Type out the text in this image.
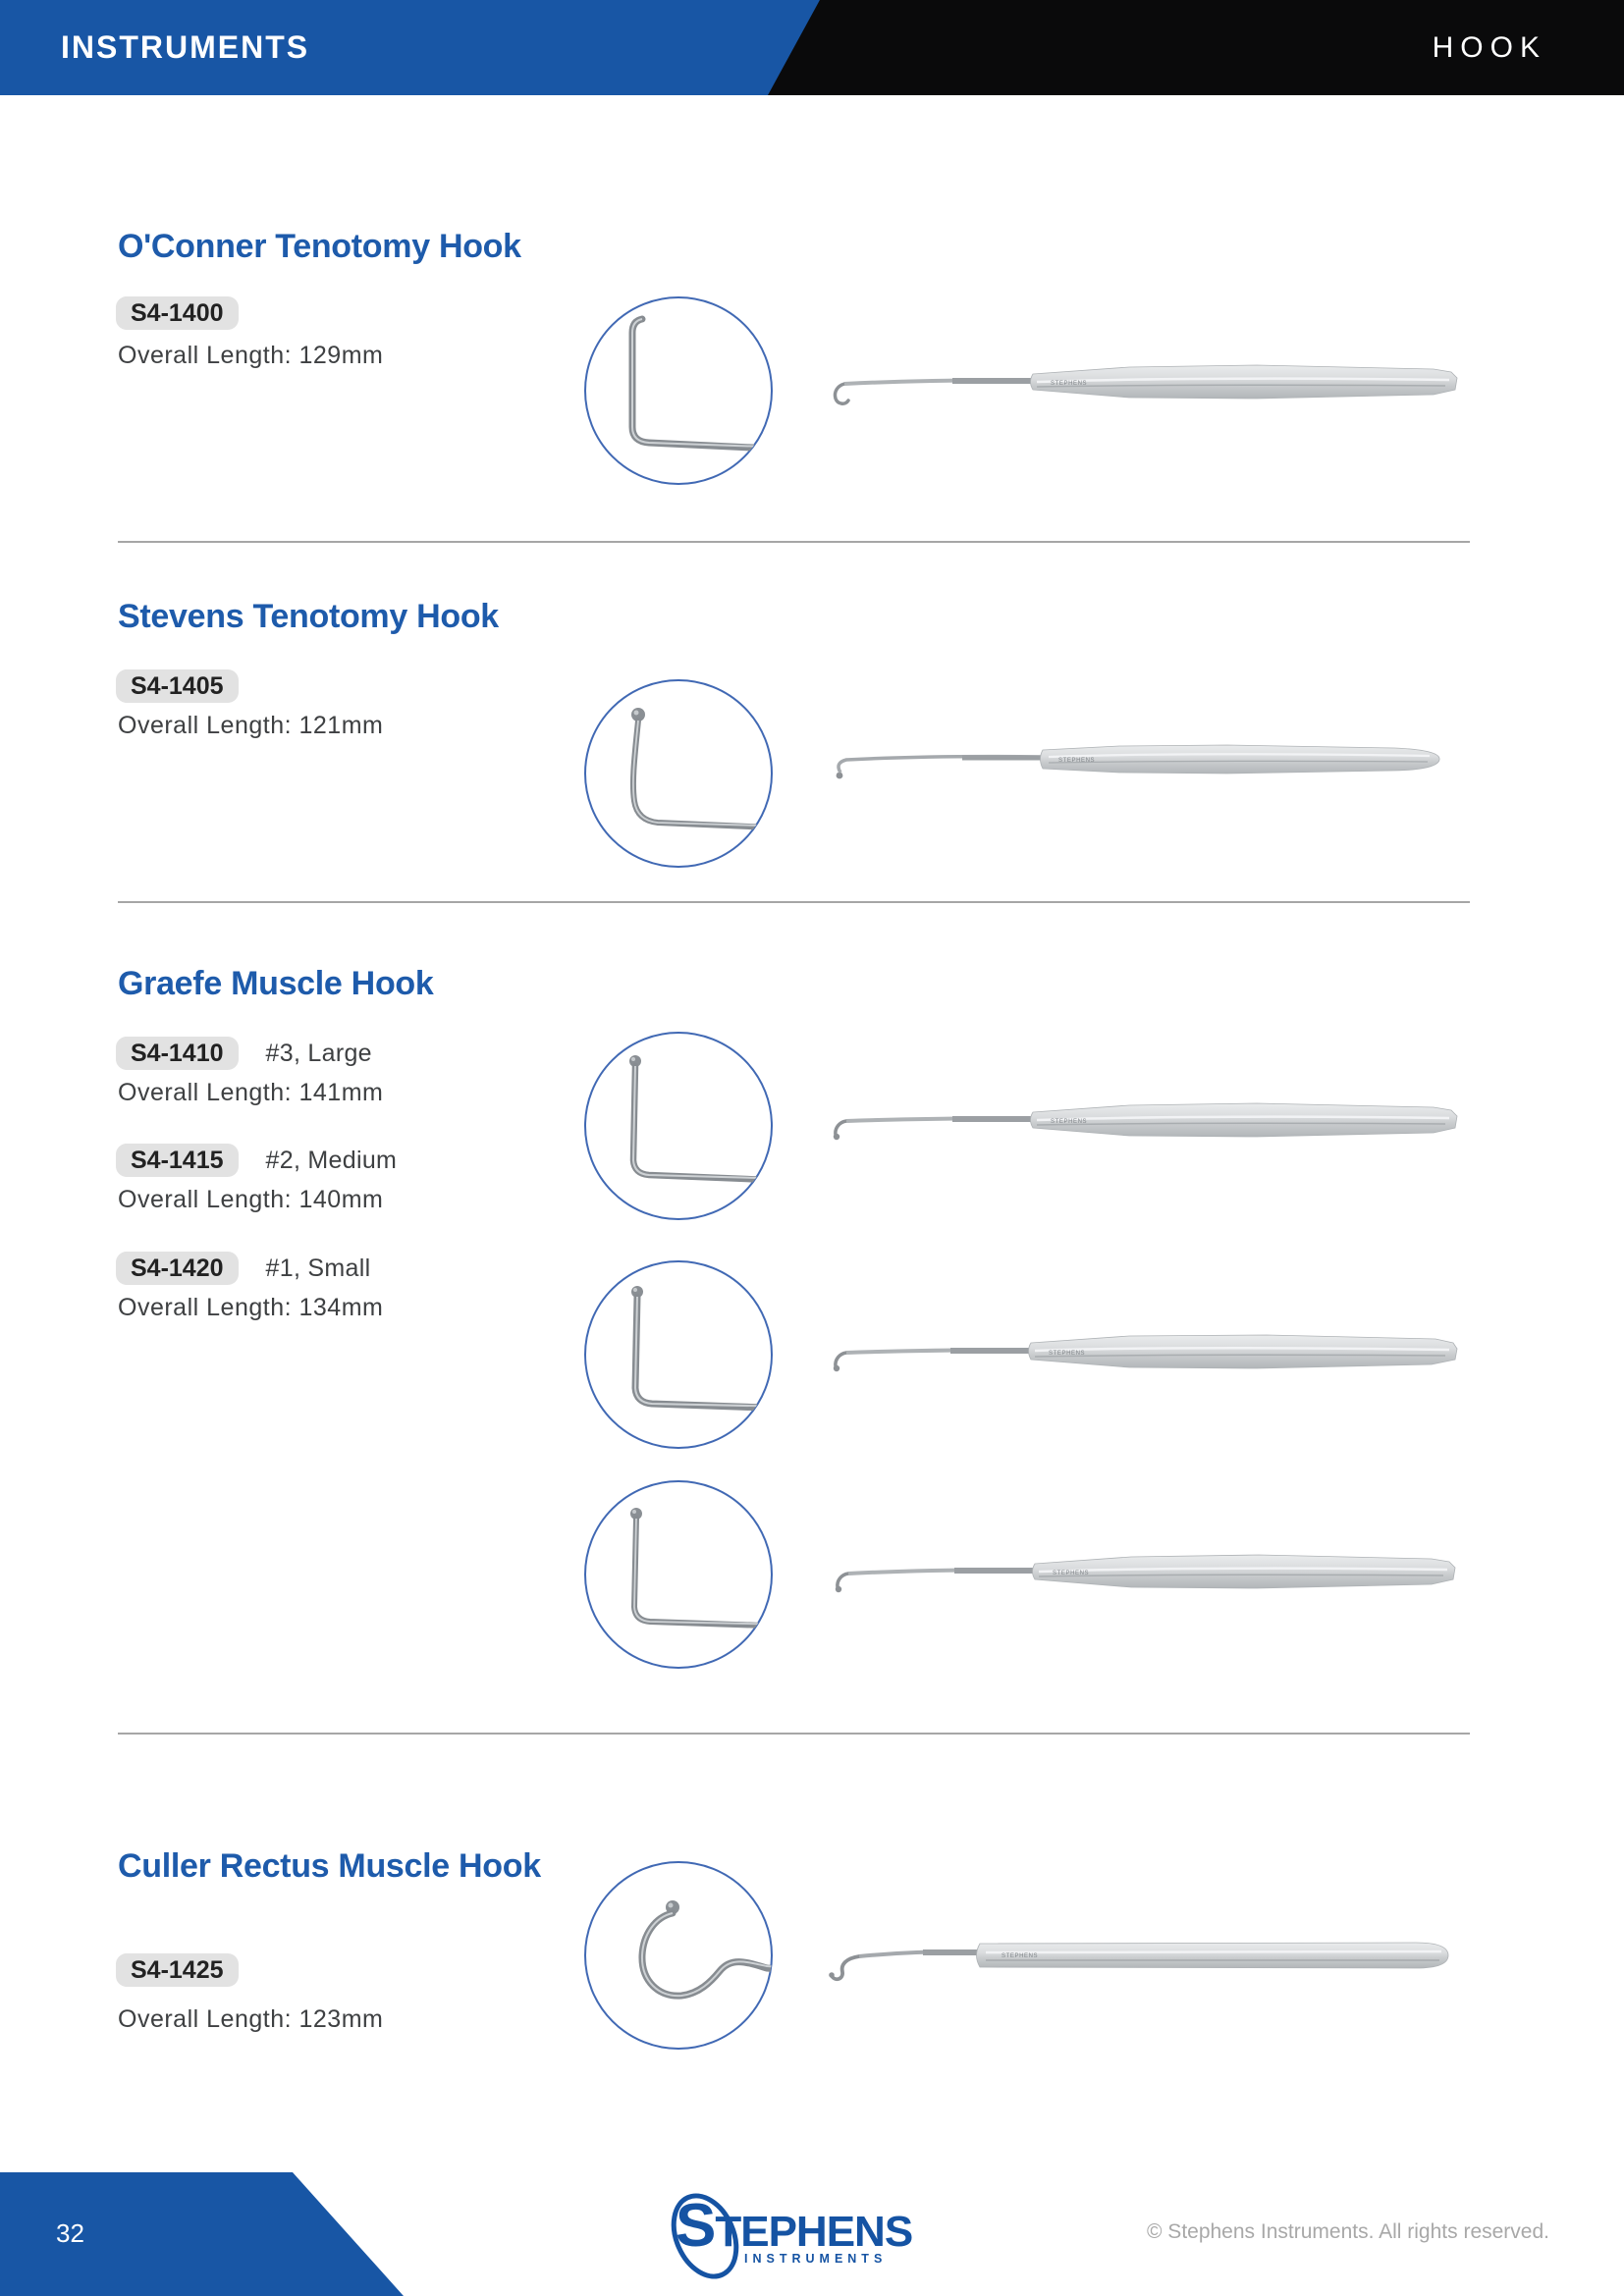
INSTRUMENTS	HOOK
O'Conner Tenotomy Hook
S4-1400
Overall Length: 129mm
STEPHENS
Stevens Tenotomy Hook
S4-1405
Overall Length: 121mm
STEPHENS
Graefe Muscle Hook
S4-1410	#3, Large
Overall Length: 141mm
S4-1415	#2, Medium
Overall Length: 140mm
S4-1420	#1, Small
Overall Length: 134mm
STEPHENS
STEPHENS
STEPHENS
Culler Rectus Muscle Hook
S4-1425
Overall Length: 123mm
STEPHENS
32	STEPHENS
INSTRUMENTS
© Stephens Instruments. All rights reserved.
